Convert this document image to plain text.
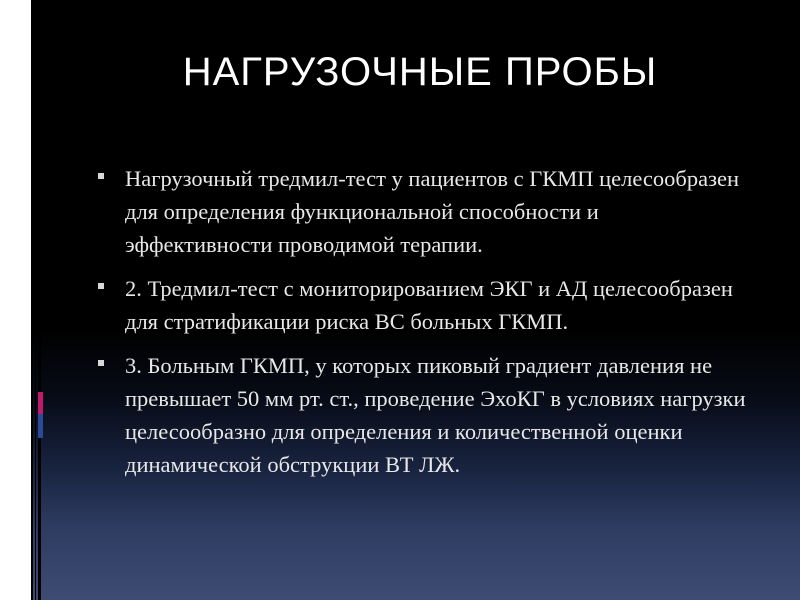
НАГРУЗОЧНЫЕ ПРОБЫ
Нагрузочный тредмил-тест у пациентов с ГКМП целесообразен для определения функциональной способности и эффективности проводимой терапии.
2. Тредмил-тест с мониторированием ЭКГ и АД целесообразен для стратификации риска ВС больных ГКМП.
3. Больным ГКМП, у которых пиковый градиент давления не превышает 50 мм рт. ст., проведение ЭхоКГ в условиях нагрузки целесообразно для определения и количественной оценки динамической обструкции ВТ ЛЖ.
